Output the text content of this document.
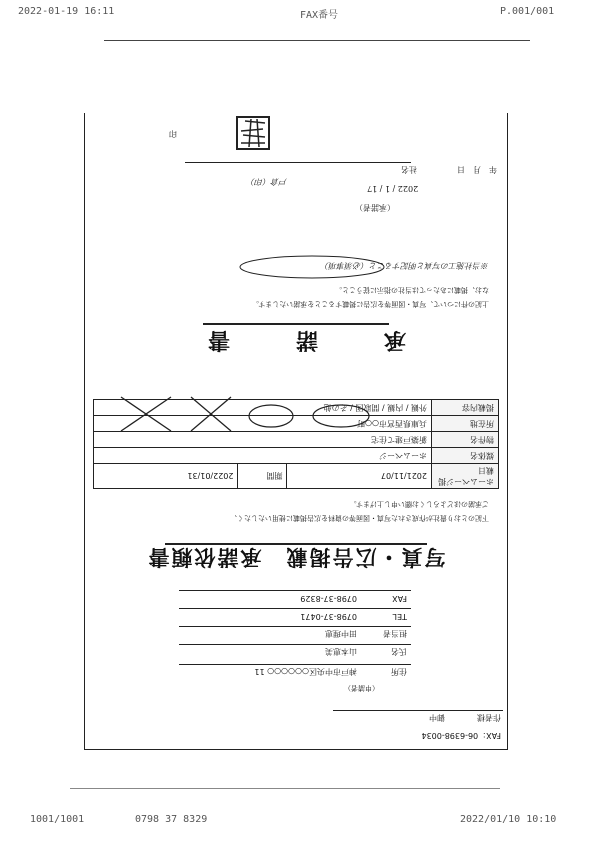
2022-01-19 16:11	FAX番号	P.001/001
FAX：06-6398-0034
作者様
御中
（申請者）
住所
神戸市中央区○○○○○○ 11
氏名
山本恵美
担当者
田中理恵
TEL
0798-37-0471
FAX
0798-37-8329
写真・広告掲載　承諾依頼書
下記のとおり貴社が作成された写真・図面等の資料を広告掲載に使用いたしたく、
ご承諾のほどよろしくお願い申し上げます。
ホームページ掲載日	2021/11/07	期間	2022/01/31
媒体名	ホームページ		
物件名	新築戸建て住宅		
所在地	兵庫県西宮市○○町		
掲載内容	外観 / 内観 / 間取図 / その他		
承　諾　書
上記の件について、写真・図面等を広告に掲載することを承諾いたします。
なお、掲載にあたっては当社の指示に従うこと。
※当社施工の写真と明記すること（必須事項）
（承諾者）
戸倉（印）
社名
2022 / 1 / 17
年　月　日
印
1001/1001	0798 37 8329	2022/01/10 10:10
